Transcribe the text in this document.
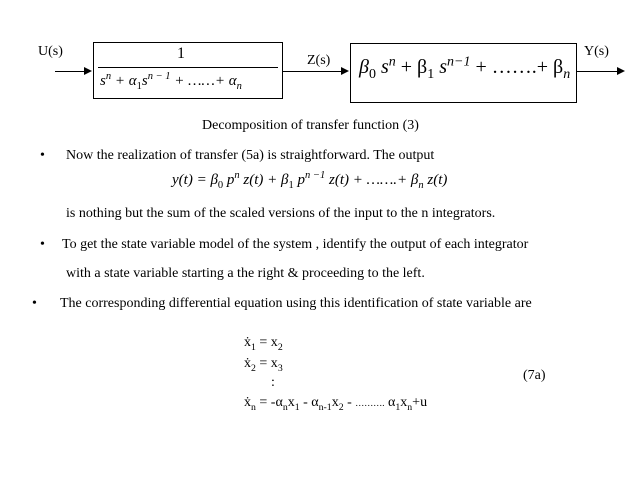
U(s)	1
$s^n + \alpha_1s^{n - 1}$ + ……+ $\alpha_n$
Z(s) $\beta_0$ $s^n + \beta_1$ $s^{n-1}$ + …….+ $\beta_n$
Y(s)
Decomposition of transfer function (3)
• Now the realization of transfer (5a) is straightforward. The output
$y(t) = \beta_0$ $p^n$ $z(t) + \beta_1$ $p^{n -1}$ z(t) + …….+ $\beta_n$ z(t)
is nothing but the sum of the scaled versions of the input to the n integrators.
• To get the state variable model of the system , identify the output of each integrator
with a state variable starting a the right & proceeding to the left.
• The corresponding differential equation using this identification of state variable are
ẋ$_1$ = $x_2$
ẋ$_2$ = $x_3$
:
ẋ$_n$ = $-\alpha_nx_1 - \alpha_{n-1}x_2$ - ………. $\alpha_1x_n+u$
(7a)
